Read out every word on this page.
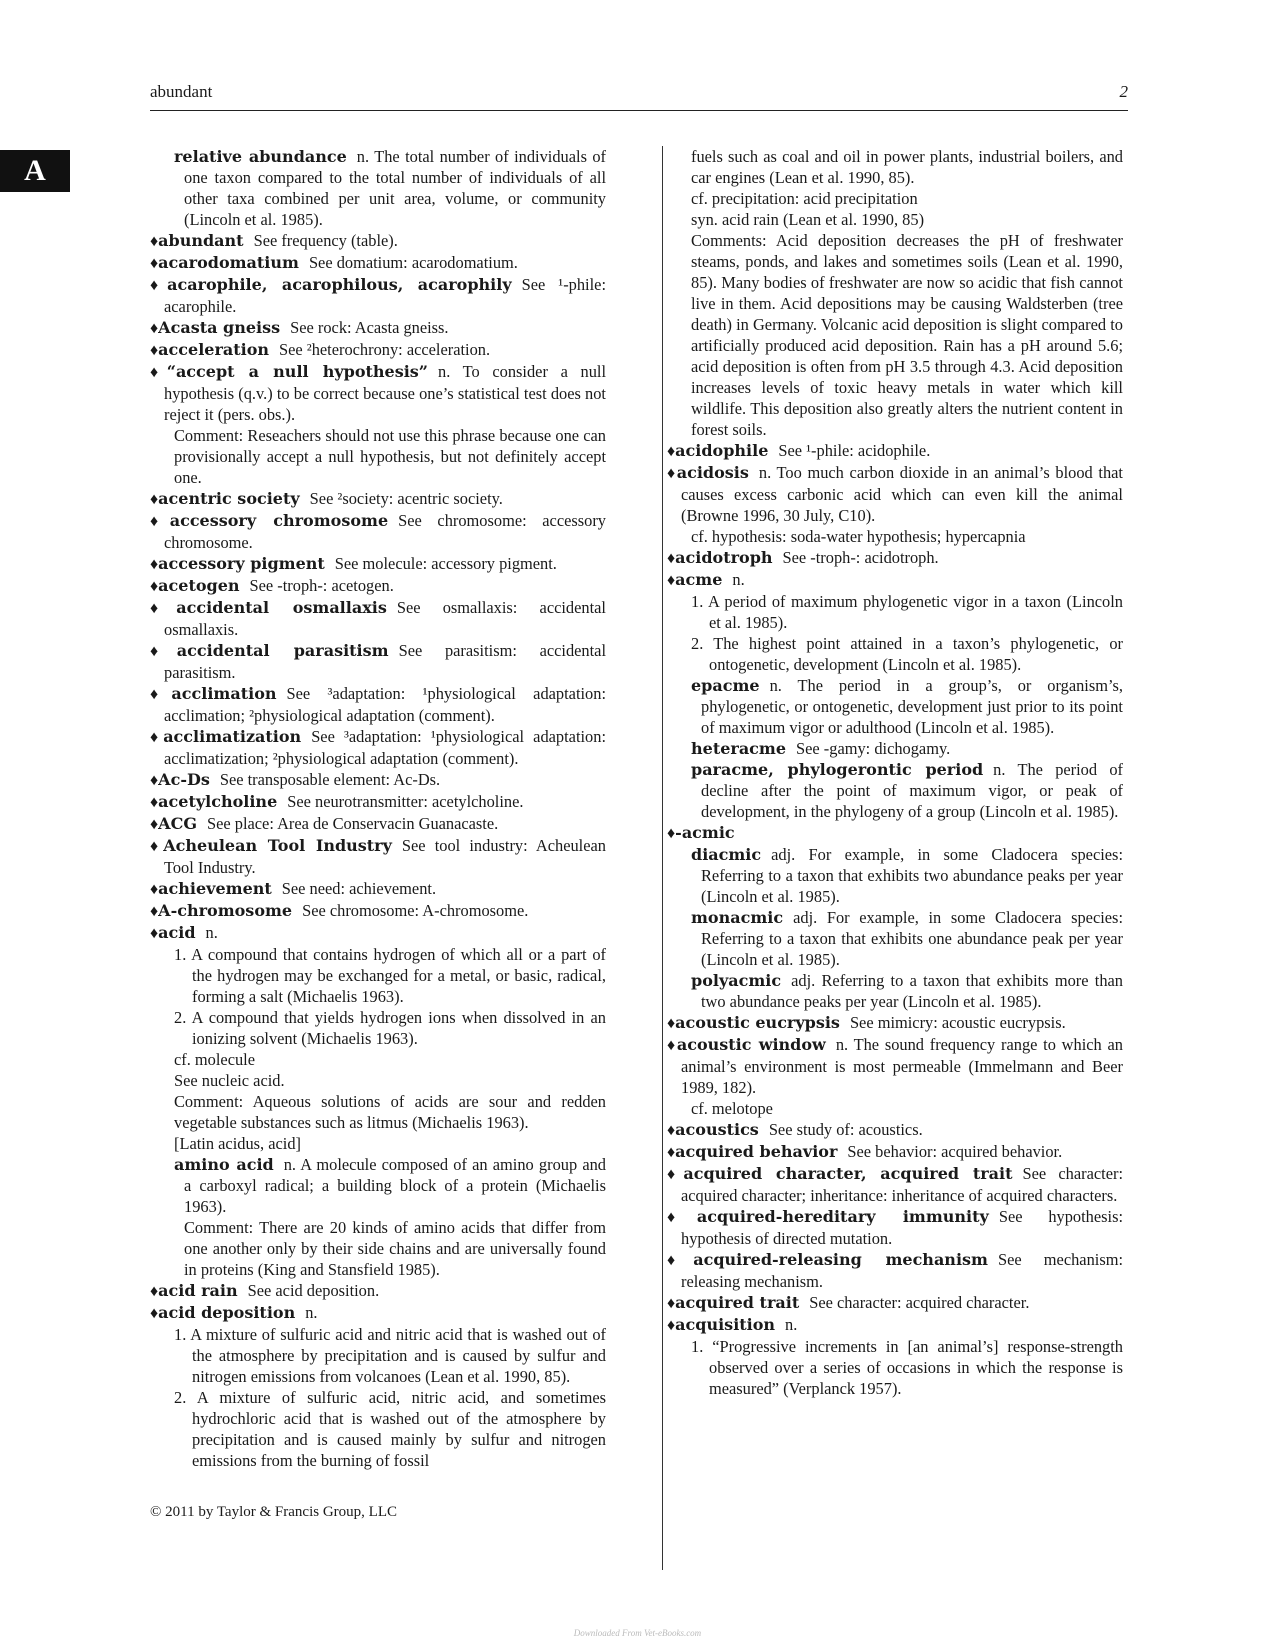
abundant	2
A	relative abundance n. The total number of individuals of one taxon compared to the total number of individuals of all other taxa combined per unit area, volume, or community (Lincoln et al. 1985).

♦abundant See frequency (table).

♦acarodomatium See domatium: acarodomatium.

♦acarophile, acarophilous, acarophily See ¹-phile: acarophile.

♦Acasta gneiss See rock: Acasta gneiss.

♦acceleration See ²heterochrony: acceleration.

♦“accept a null hypothesis” n. To consider a null hypothesis (q.v.) to be correct because one’s statistical test does not reject it (pers. obs.).

Comment: Reseachers should not use this phrase because one can provisionally accept a null hypothesis, but not definitely accept one.

♦acentric society See ²society: acentric society.

♦accessory chromosome See chromosome: accessory chromosome.

♦accessory pigment See molecule: accessory pigment.

♦acetogen See -troph-: acetogen.

♦accidental osmallaxis See osmallaxis: accidental osmallaxis.

♦accidental parasitism See parasitism: accidental parasitism.

♦acclimation See ³adaptation: ¹physiological adaptation: acclimation; ²physiological adaptation (comment).

♦acclimatization See ³adaptation: ¹physiological adaptation: acclimatization; ²physiological adaptation (comment).

♦Ac-Ds See transposable element: Ac-Ds.

♦acetylcholine See neurotransmitter: acetylcholine.

♦ACG See place: Area de Conservacin Guanacaste.

♦Acheulean Tool Industry See tool industry: Acheulean Tool Industry.

♦achievement See need: achievement.

♦A-chromosome See chromosome: A-chromosome.

♦acid n.

1. A compound that contains hydrogen of which all or a part of the hydrogen may be exchanged for a metal, or basic, radical, forming a salt (Michaelis 1963).

2. A compound that yields hydrogen ions when dissolved in an ionizing solvent (Michaelis 1963).

cf. molecule

See nucleic acid.

Comment: Aqueous solutions of acids are sour and redden vegetable substances such as litmus (Michaelis 1963).

[Latin acidus, acid]

amino acid n. A molecule composed of an amino group and a carboxyl radical; a building block of a protein (Michaelis 1963).

Comment: There are 20 kinds of amino acids that differ from one another only by their side chains and are universally found in proteins (King and Stansfield 1985).

♦acid rain See acid deposition.

♦acid deposition n.

1. A mixture of sulfuric acid and nitric acid that is washed out of the atmosphere by precipitation and is caused by sulfur and nitrogen emissions from volcanoes (Lean et al. 1990, 85).

2. A mixture of sulfuric acid, nitric acid, and sometimes hydrochloric acid that is washed out of the atmosphere by precipitation and is caused mainly by sulfur and nitrogen emissions from the burning of fossil

fuels such as coal and oil in power plants, industrial boilers, and car engines (Lean et al. 1990, 85).

cf. precipitation: acid precipitation

syn. acid rain (Lean et al. 1990, 85)

Comments: Acid deposition decreases the pH of freshwater steams, ponds, and lakes and sometimes soils (Lean et al. 1990, 85). Many bodies of freshwater are now so acidic that fish cannot live in them. Acid depositions may be causing Waldsterben (tree death) in Germany. Volcanic acid deposition is slight compared to artificially produced acid deposition. Rain has a pH around 5.6; acid deposition is often from pH 3.5 through 4.3. Acid deposition increases levels of toxic heavy metals in water which kill wildlife. This deposition also greatly alters the nutrient content in forest soils.

♦acidophile See ¹-phile: acidophile.

♦acidosis n. Too much carbon dioxide in an animal’s blood that causes excess carbonic acid which can even kill the animal (Browne 1996, 30 July, C10).

cf. hypothesis: soda-water hypothesis; hypercapnia

♦acidotroph See -troph-: acidotroph.

♦acme n.

1. A period of maximum phylogenetic vigor in a taxon (Lincoln et al. 1985).

2. The highest point attained in a taxon’s phylogenetic, or ontogenetic, development (Lincoln et al. 1985).

epacme n. The period in a group’s, or organism’s, phylogenetic, or ontogenetic, development just prior to its point of maximum vigor or adulthood (Lincoln et al. 1985).

heteracme See -gamy: dichogamy.

paracme, phylogerontic period n. The period of decline after the point of maximum vigor, or peak of development, in the phylogeny of a group (Lincoln et al. 1985).

♦-acmic

diacmic adj. For example, in some Cladocera species: Referring to a taxon that exhibits two abundance peaks per year (Lincoln et al. 1985).

monacmic adj. For example, in some Cladocera species: Referring to a taxon that exhibits one abundance peak per year (Lincoln et al. 1985).

polyacmic adj. Referring to a taxon that exhibits more than two abundance peaks per year (Lincoln et al. 1985).

♦acoustic eucrypsis See mimicry: acoustic eucrypsis.

♦acoustic window n. The sound frequency range to which an animal’s environment is most permeable (Immelmann and Beer 1989, 182).

cf. melotope

♦acoustics See study of: acoustics.

♦acquired behavior See behavior: acquired behavior.

♦acquired character, acquired trait See character: acquired character; inheritance: inheritance of acquired characters.

♦acquired-hereditary immunity See hypothesis: hypothesis of directed mutation.

♦acquired-releasing mechanism See mechanism: releasing mechanism.

♦acquired trait See character: acquired character.

♦acquisition n.

1. “Progressive increments in [an animal’s] response-strength observed over a series of occasions in which the response is measured” (Verplanck 1957).

© 2011 by Taylor & Francis Group, LLC
Downloaded From Vet-eBooks.com
